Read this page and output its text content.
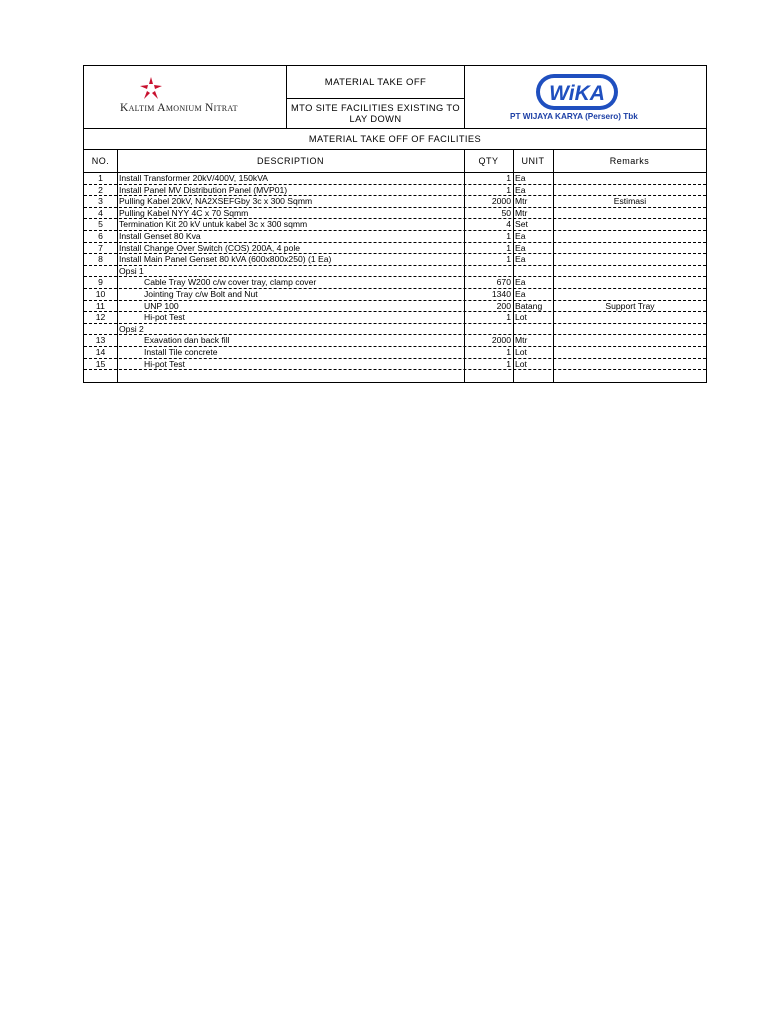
Kaltim Amonium Nitrat
MATERIAL TAKE OFF
MTO SITE FACILITIES EXISTING TO LAY DOWN
WiKA
PT WIJAYA KARYA (Persero) Tbk
MATERIAL TAKE OFF OF FACILITIES
NO.	DESCRIPTION	QTY	UNIT	Remarks
1	Install Transformer 20kV/400V, 150kVA	1 Ea
2	Install Panel MV Distribution Panel (MVP01)	1 Ea
3	Pulling Kabel 20kV, NA2XSEFGby 3c x 300 Sqmm	2000 Mtr	Estimasi
4	Pulling Kabel NYY 4C x 70 Sqmm	50 Mtr
5	Termination Kit 20 kV untuk kabel 3c x 300 sqmm	4 Set
6	Install Genset 80 Kva	1 Ea
7	Install Change Over Switch (COS) 200A, 4 pole	1 Ea
8	Install Main Panel Genset 80 kVA (600x800x250) (1 Ea)	1 Ea
Opsi 1
9	Cable Tray W200 c/w cover tray, clamp cover	670 Ea
10	Jointing Tray c/w Bolt and Nut	1340 Ea
11	UNP 100	200 Batang	Support Tray
12	Hi-pot Test	1 Lot
Opsi 2
13	Exavation dan back fill	2000 Mtr
14	Install Tile concrete	1 Lot
15	Hi-pot Test	1 Lot
